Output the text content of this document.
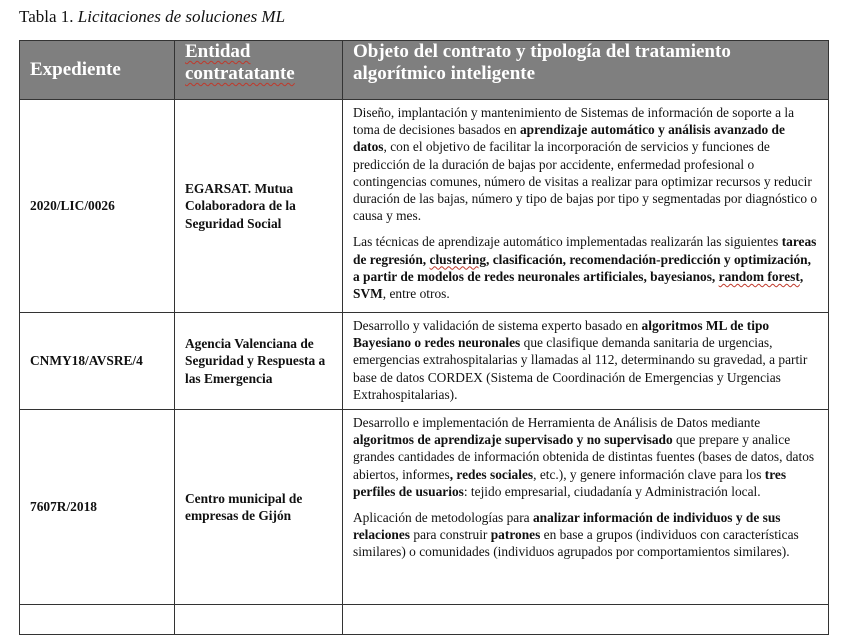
Tabla 1. Licitaciones de soluciones ML
Expediente	Entidad contratatante	Objeto del contrato y tipología del tratamiento algorítmico inteligente
2020/LIC/0026	EGARSAT. Mutua Colaboradora de la Seguridad Social	Diseño, implantación y mantenimiento de Sistemas de información de soporte a la toma de decisiones basados en aprendizaje automático y análisis avanzado de datos, con el objetivo de facilitar la incorporación de servicios y funciones de predicción de la duración de bajas por accidente, enfermedad profesional o contingencias comunes, número de visitas a realizar para optimizar recursos y reducir duración de las bajas, número y tipo de bajas por tipo y segmentadas por diagnóstico o causa y mes.

Las técnicas de aprendizaje automático implementadas realizarán las siguientes tareas de regresión, clustering, clasificación, recomendación-predicción y optimización, a partir de modelos de redes neuronales artificiales, bayesianos, random forest, SVM, entre otros.

CNMY18/AVSRE/4	Agencia Valenciana de Seguridad y Respuesta a las Emergencia	Desarrollo y validación de sistema experto basado en algoritmos ML de tipo Bayesiano o redes neuronales que clasifique demanda sanitaria de urgencias, emergencias extrahospitalarias y llamadas al 112, determinando su gravedad, a partir base de datos CORDEX (Sistema de Coordinación de Emergencias y Urgencias Extrahospitalarias).

7607R/2018	Centro municipal de empresas de Gijón	Desarrollo e implementación de Herramienta de Análisis de Datos mediante algoritmos de aprendizaje supervisado y no supervisado que prepare y analice grandes cantidades de información obtenida de distintas fuentes (bases de datos, datos abiertos, informes, redes sociales, etc.), y genere información clave para los tres perfiles de usuarios: tejido empresarial, ciudadanía y Administración local.

Aplicación de metodologías para analizar información de individuos y de sus relaciones para construir patrones en base a grupos (individuos con características similares) o comunidades (individuos agrupados por comportamientos similares).
